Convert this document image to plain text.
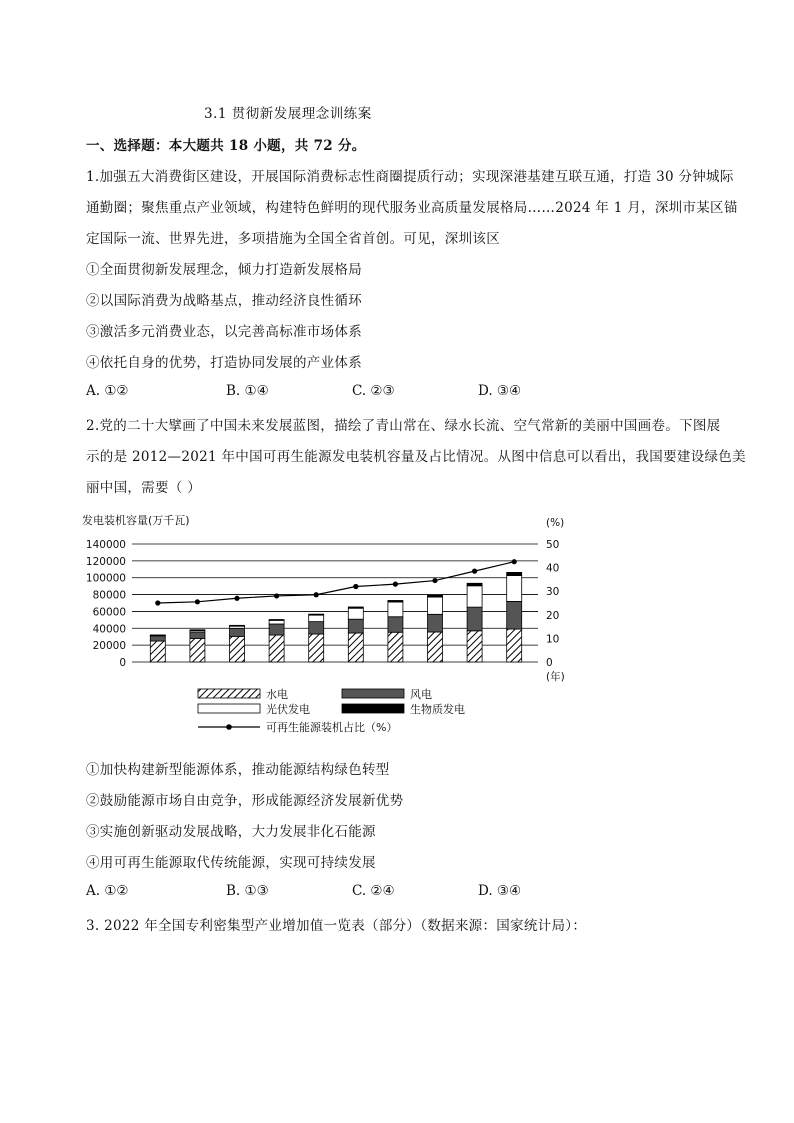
3.1 贯彻新发展理念训练案
一、选择题：本大题共 18 小题，共 72 分。
1.加强五大消费街区建设，开展国际消费标志性商圈提质行动；实现深港基建互联互通，打造 30 分钟城际
通勤圈；聚焦重点产业领域，构建特色鲜明的现代服务业高质量发展格局……2024 年 1 月，深圳市某区锚
定国际一流、世界先进，多项措施为全国全省首创。可见，深圳该区
①全面贯彻新发展理念，倾力打造新发展格局
②以国际消费为战略基点，推动经济良性循环
③激活多元消费业态，以完善高标准市场体系
④依托自身的优势，打造协同发展的产业体系
A. ①②	B. ①④	C. ②③	D. ③④
2.党的二十大擘画了中国未来发展蓝图，描绘了青山常在、绿水长流、空气常新的美丽中国画卷。下图展
示的是 2012—2021 年中国可再生能源发电装机容量及占比情况。从图中信息可以看出，我国要建设绿色美
丽中国，需要（ ）
发电装机容量(万千瓦)
140000
120000
100000
80000
60000
40000
20000
0
50
40
30
20
10
0
(%)
(年)
水电	风电
光伏发电	生物质发电
可再生能源装机占比（%）
①加快构建新型能源体系，推动能源结构绿色转型
②鼓励能源市场自由竞争，形成能源经济发展新优势
③实施创新驱动发展战略，大力发展非化石能源
④用可再生能源取代传统能源，实现可持续发展
A. ①②	B. ①③	C. ②④	D. ③④
3. 2022 年全国专利密集型产业增加值一览表（部分）（数据来源：国家统计局）：
